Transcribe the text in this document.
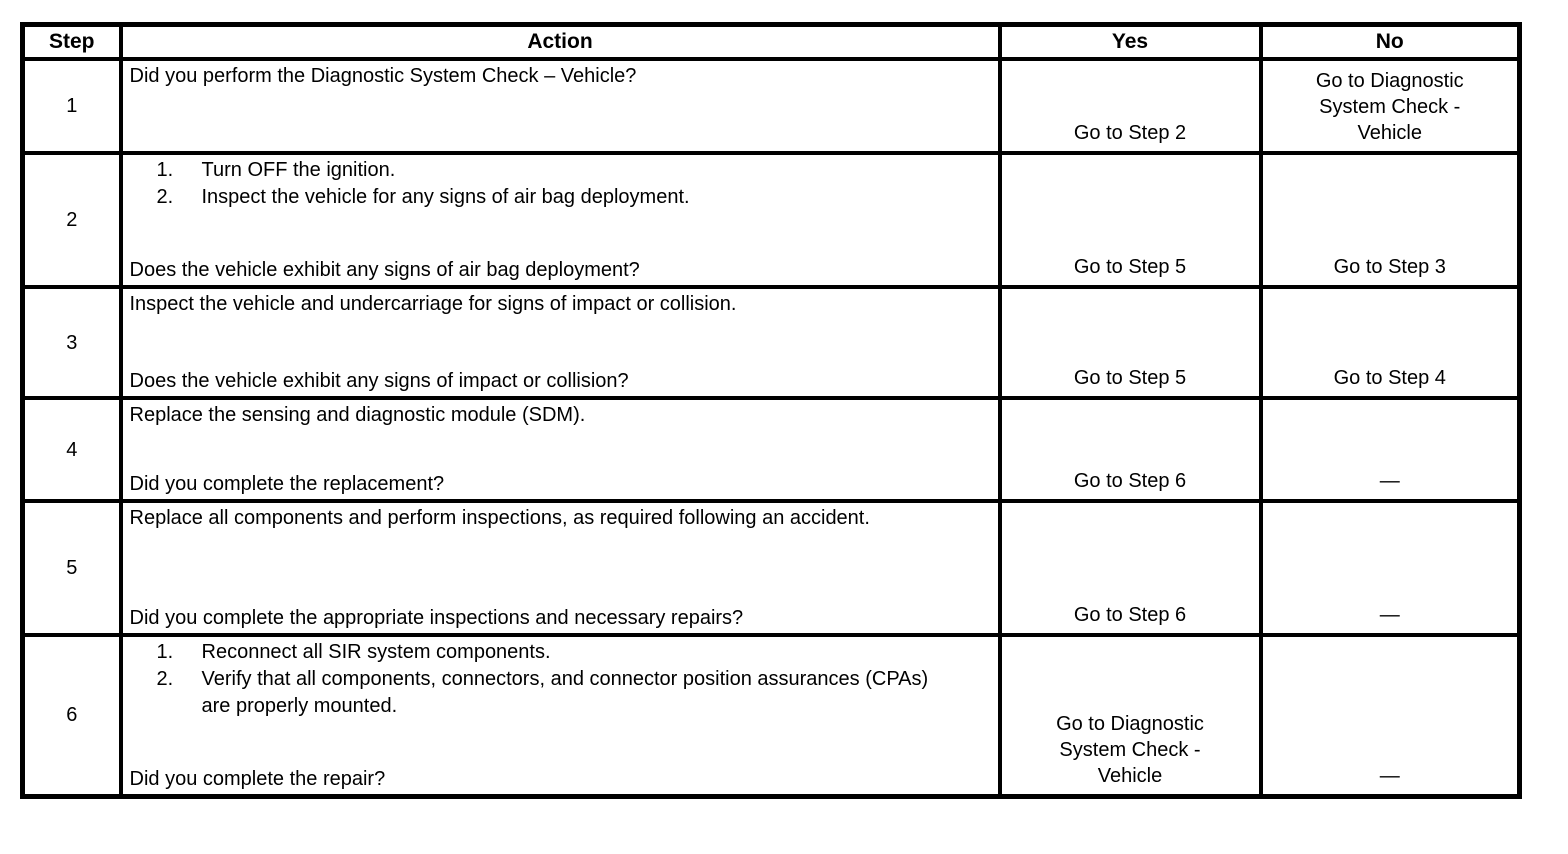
Step	Action	Yes	No
1	Did you perform the Diagnostic System Check – Vehicle?	Go to Step 2	Go to Diagnostic System Check - Vehicle
2	1. Turn OFF the ignition.
2. Inspect the vehicle for any signs of air bag deployment.
Does the vehicle exhibit any signs of air bag deployment?	Go to Step 5	Go to Step 3
3	Inspect the vehicle and undercarriage for signs of impact or collision.

Does the vehicle exhibit any signs of impact or collision?	Go to Step 5	Go to Step 4
4	Replace the sensing and diagnostic module (SDM).

Did you complete the replacement?	Go to Step 6	—
5	Replace all components and perform inspections, as required following an accident.

Did you complete the appropriate inspections and necessary repairs?	Go to Step 6	—
6	1. Reconnect all SIR system components.
2. Verify that all components, connectors, and connector position assurances (CPAs) are properly mounted.
Did you complete the repair?	Go to Diagnostic System Check - Vehicle	—
